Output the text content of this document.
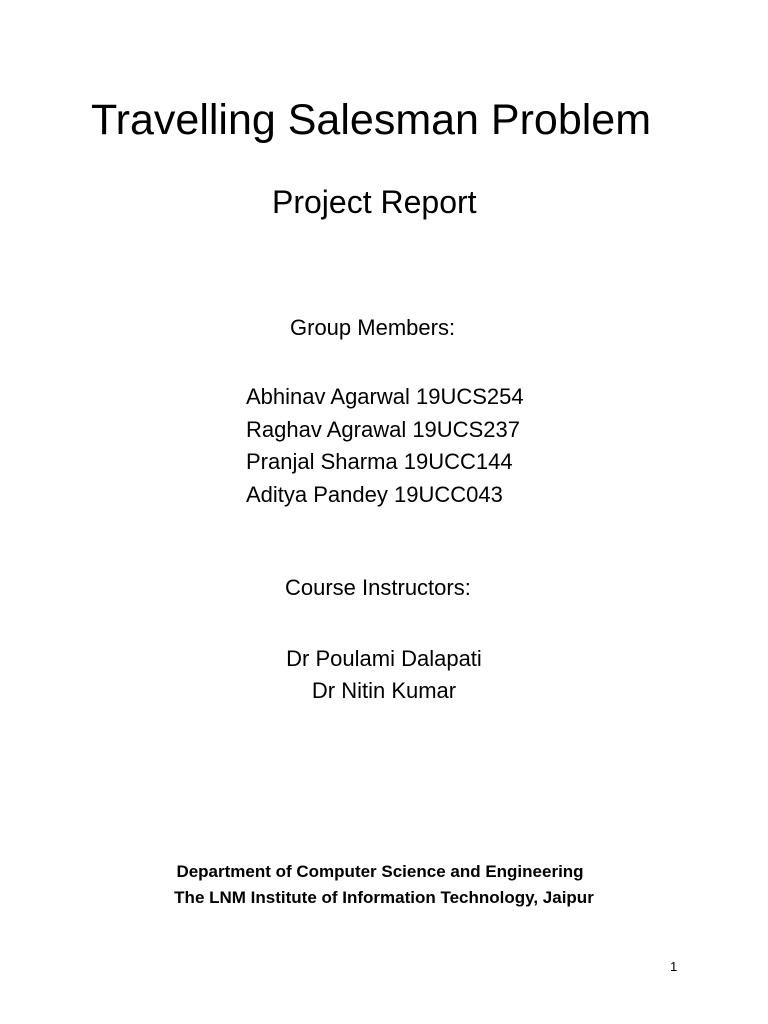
Travelling Salesman Problem
Project Report
Group Members:
Abhinav Agarwal 19UCS254
Raghav Agrawal 19UCS237
Pranjal Sharma 19UCC144
Aditya Pandey 19UCC043
Course Instructors:
Dr Poulami Dalapati
Dr Nitin Kumar
Department of Computer Science and Engineering
The LNM Institute of Information Technology, Jaipur
1
